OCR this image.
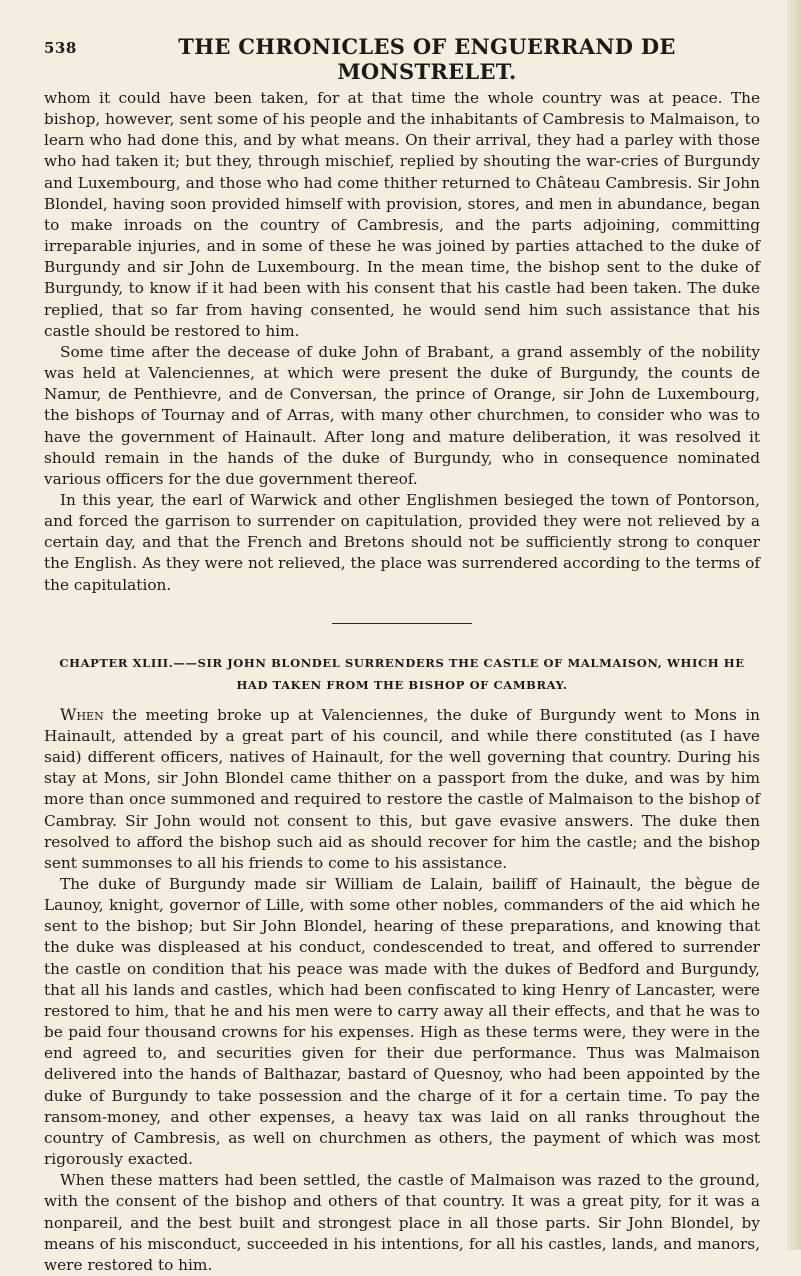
538	THE CHRONICLES OF ENGUERRAND DE MONSTRELET.

whom it could have been taken, for at that time the whole country was at peace. The bishop, however, sent some of his people and the inhabitants of Cambresis to Malmaison, to learn who had done this, and by what means. On their arrival, they had a parley with those who had taken it; but they, through mischief, replied by shouting the war-cries of Burgundy and Luxembourg, and those who had come thither returned to Château Cambresis. Sir John Blondel, having soon provided himself with provision, stores, and men in abundance, began to make inroads on the country of Cambresis, and the parts adjoining, committing irreparable injuries, and in some of these he was joined by parties attached to the duke of Burgundy and sir John de Luxembourg. In the mean time, the bishop sent to the duke of Burgundy, to know if it had been with his consent that his castle had been taken. The duke replied, that so far from having consented, he would send him such assistance that his castle should be restored to him.

Some time after the decease of duke John of Brabant, a grand assembly of the nobility was held at Valenciennes, at which were present the duke of Burgundy, the counts de Namur, de Penthievre, and de Conversan, the prince of Orange, sir John de Luxembourg, the bishops of Tournay and of Arras, with many other churchmen, to consider who was to have the government of Hainault. After long and mature deliberation, it was resolved it should remain in the hands of the duke of Burgundy, who in consequence nominated various officers for the due government thereof.

In this year, the earl of Warwick and other Englishmen besieged the town of Pontorson, and forced the garrison to surrender on capitulation, provided they were not relieved by a certain day, and that the French and Bretons should not be sufficiently strong to conquer the English. As they were not relieved, the place was surrendered according to the terms of the capitulation.

CHAPTER XLIII.——SIR JOHN BLONDEL SURRENDERS THE CASTLE OF MALMAISON, WHICH HE
HAD TAKEN FROM THE BISHOP OF CAMBRAY.

When the meeting broke up at Valenciennes, the duke of Burgundy went to Mons in Hainault, attended by a great part of his council, and while there constituted (as I have said) different officers, natives of Hainault, for the well governing that country. During his stay at Mons, sir John Blondel came thither on a passport from the duke, and was by him more than once summoned and required to restore the castle of Malmaison to the bishop of Cambray. Sir John would not consent to this, but gave evasive answers. The duke then resolved to afford the bishop such aid as should recover for him the castle; and the bishop sent summonses to all his friends to come to his assistance.

The duke of Burgundy made sir William de Lalain, bailiff of Hainault, the bègue de Launoy, knight, governor of Lille, with some other nobles, commanders of the aid which he sent to the bishop; but Sir John Blondel, hearing of these preparations, and knowing that the duke was displeased at his conduct, condescended to treat, and offered to surrender the castle on condition that his peace was made with the dukes of Bedford and Burgundy, that all his lands and castles, which had been confiscated to king Henry of Lancaster, were restored to him, that he and his men were to carry away all their effects, and that he was to be paid four thousand crowns for his expenses. High as these terms were, they were in the end agreed to, and securities given for their due performance. Thus was Malmaison delivered into the hands of Balthazar, bastard of Quesnoy, who had been appointed by the duke of Burgundy to take possession and the charge of it for a certain time. To pay the ransom-money, and other expenses, a heavy tax was laid on all ranks throughout the country of Cambresis, as well on churchmen as others, the payment of which was most rigorously exacted.

When these matters had been settled, the castle of Malmaison was razed to the ground, with the consent of the bishop and others of that country. It was a great pity, for it was a nonpareil, and the best built and strongest place in all those parts. Sir John Blondel, by means of his misconduct, succeeded in his intentions, for all his castles, lands, and manors, were restored to him.
